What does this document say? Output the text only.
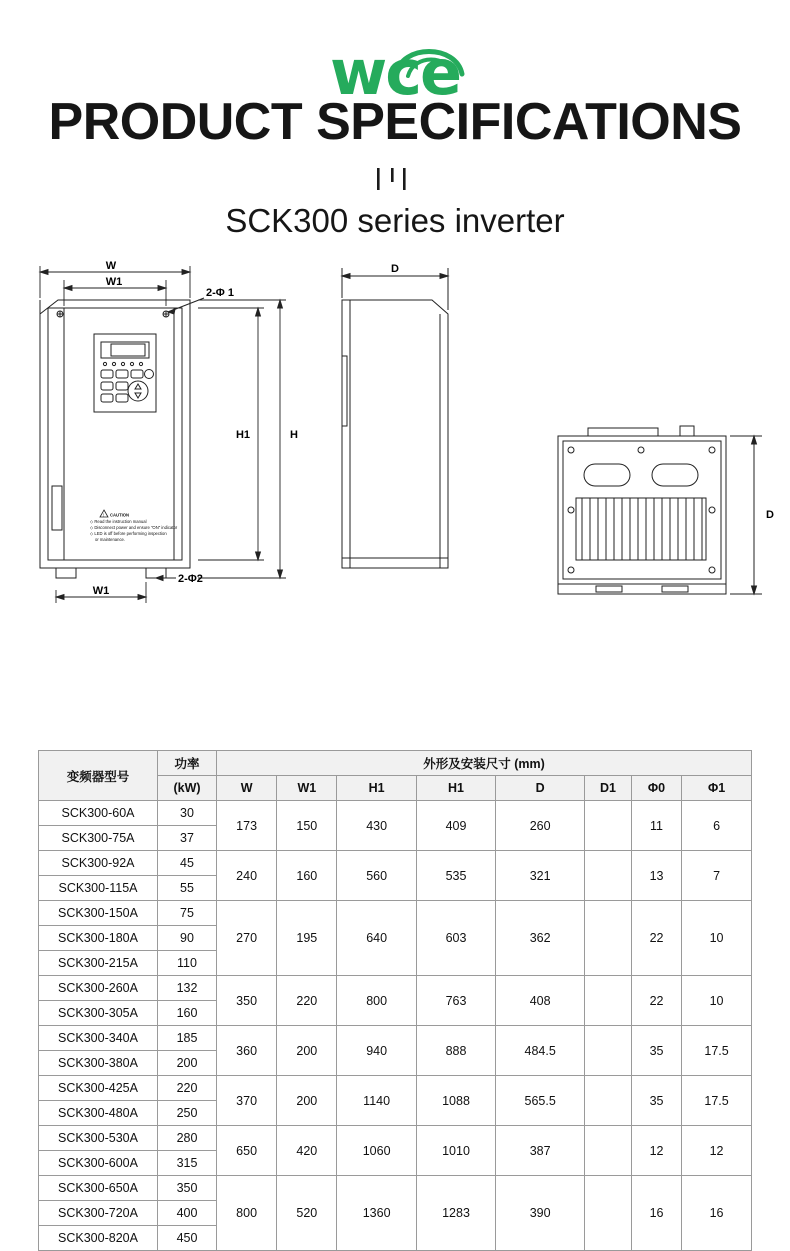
wce
PRODUCT SPECIFICATIONS
SCK300 series inverter
! CAUTION
◇ Read the instruction manual
◇ Disconnect power and ensure "ON" indicator
◇ LED is off before performing inspection
or maintenance.
W
W1
W1
H1	H
2-Φ 1
2-Φ2
D
D
变频器型号	功率	外形及安装尺寸 (mm)							
	(kW)	W	W1	H1	H1	D	D1	Φ0	Φ1
SCK300-60A	30	173	150	430	409	260		11	6
SCK300-75A	37								
SCK300-92A	45	240	160	560	535	321		13	7
SCK300-115A	55								
SCK300-150A	75	270	195	640	603	362		22	10
SCK300-180A	90								
SCK300-215A	110								
SCK300-260A	132	350	220	800	763	408		22	10
SCK300-305A	160								
SCK300-340A	185	360	200	940	888	484.5		35	17.5
SCK300-380A	200								
SCK300-425A	220	370	200	1140	1088	565.5		35	17.5
SCK300-480A	250								
SCK300-530A	280	650	420	1060	1010	387		12	12
SCK300-600A	315								
SCK300-650A	350	800	520	1360	1283	390		16	16
SCK300-720A	400								
SCK300-820A	450								
